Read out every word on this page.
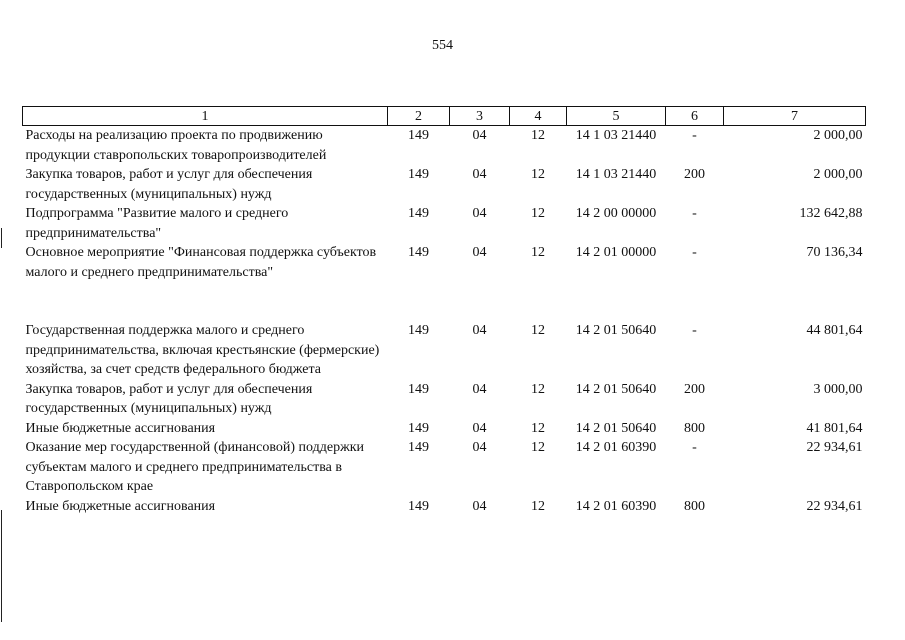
554
1	2	3	4	5	6	7
Расходы на реализацию проекта по продвижению продукции ставропольских товаропроизводителей	149	04	12	14 1 03 21440	-	2 000,00
Закупка товаров, работ и услуг для обеспечения государственных (муниципальных) нужд	149	04	12	14 1 03 21440	200	2 000,00
Подпрограмма "Развитие малого и среднего предпринимательства"	149	04	12	14 2 00 00000	-	132 642,88
Основное мероприятие "Финансовая поддержка субъектов малого и среднего предпринимательства"	149	04	12	14 2 01 00000	-	70 136,34

Государственная поддержка малого и среднего предпринимательства, включая крестьянские (фермерские) хозяйства, за счет средств федерального бюджета	149	04	12	14 2 01 50640	-	44 801,64
Закупка товаров, работ и услуг для обеспечения государственных (муниципальных) нужд	149	04	12	14 2 01 50640	200	3 000,00
Иные бюджетные ассигнования	149	04	12	14 2 01 50640	800	41 801,64
Оказание мер государственной (финансовой) поддержки субъектам малого и среднего предпринимательства в Ставропольском крае	149	04	12	14 2 01 60390	-	22 934,61
Иные бюджетные ассигнования	149	04	12	14 2 01 60390	800	22 934,61
